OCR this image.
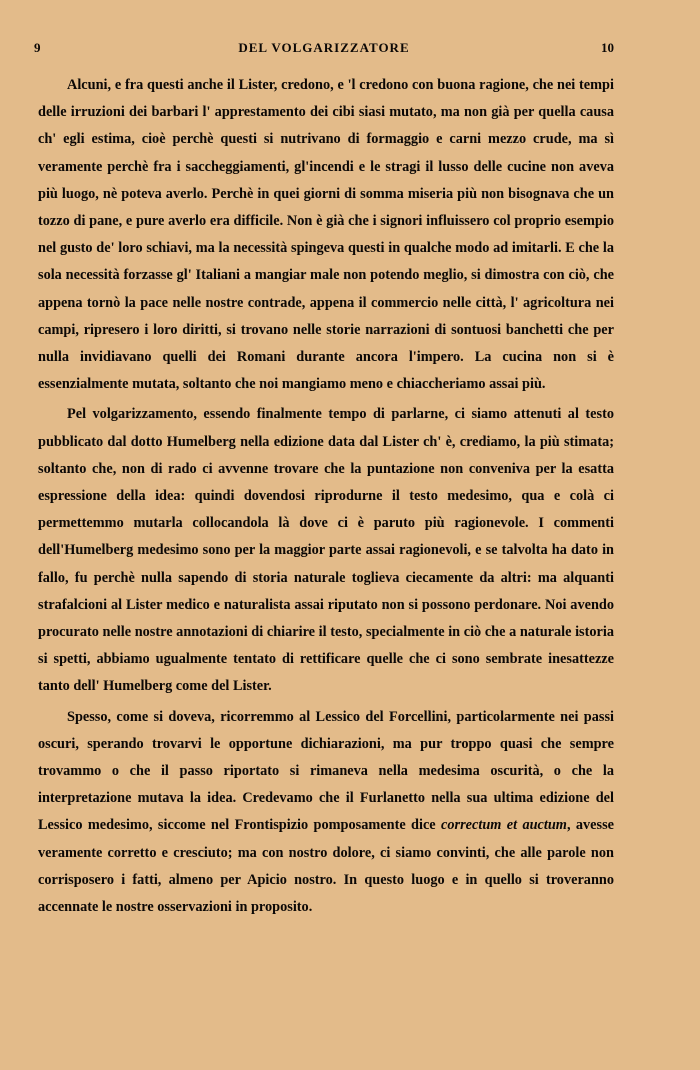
9	DEL VOLGARIZZATORE	10

Alcuni, e fra questi anche il Lister, credono, e 'l credono con buona ragione, che nei tempi delle irruzioni dei barbari l' apprestamento dei cibi siasi mutato, ma non già per quella causa ch' egli estima, cioè perchè questi si nutrivano di formaggio e carni mezzo crude, ma sì veramente perchè fra i saccheggiamenti, gl'incendi e le stragi il lusso delle cucine non aveva più luogo, nè poteva averlo. Perchè in quei giorni di somma miseria più non bisognava che un tozzo di pane, e pure averlo era difficile. Non è già che i signori influissero col proprio esempio nel gusto de' loro schiavi, ma la necessità spingeva questi in qualche modo ad imitarli. E che la sola necessità forzasse gl' Italiani a mangiar male non potendo meglio, si dimostra con ciò, che appena tornò la pace nelle nostre contrade, appena il commercio nelle città, l' agricoltura nei campi, ripresero i loro diritti, si trovano nelle storie narrazioni di sontuosi banchetti che per nulla invidiavano quelli dei Romani durante ancora l'impero. La cucina non si è essenzialmente mutata, soltanto che noi mangiamo meno e chiaccheriamo assai più.

Pel volgarizzamento, essendo finalmente tempo di parlarne, ci siamo attenuti al testo pubblicato dal dotto Humelberg nella edizione data dal Lister ch' è, crediamo, la più stimata; soltanto che, non di rado ci avvenne trovare che la puntazione non conveniva per la esatta espressione della idea: quindi dovendosi riprodurne il testo medesimo, qua e colà ci permettemmo mutarla collocandola là dove ci è paruto più ragionevole. I commenti dell'Humelberg medesimo sono per la maggior parte assai ragionevoli, e se talvolta ha dato in fallo, fu perchè nulla sapendo di storia naturale toglieva ciecamente da altri: ma alquanti strafalcioni al Lister medico e naturalista assai riputato non si possono perdonare. Noi avendo procurato nelle nostre annotazioni di chiarire il testo, specialmente in ciò che a naturale istoria si spetti, abbiamo ugualmente tentato di rettificare quelle che ci sono sembrate inesattezze tanto dell' Humelberg come del Lister.

Spesso, come si doveva, ricorremmo al Lessico del Forcellini, particolarmente nei passi oscuri, sperando trovarvi le opportune dichiarazioni, ma pur troppo quasi che sempre trovammo o che il passo riportato si rimaneva nella medesima oscurità, o che la interpretazione mutava la idea. Credevamo che il Furlanetto nella sua ultima edizione del Lessico medesimo, siccome nel Frontispizio pomposamente dice correctum et auctum, avesse veramente corretto e cresciuto; ma con nostro dolore, ci siamo convinti, che alle parole non corrisposero i fatti, almeno per Apicio nostro. In questo luogo e in quello si troveranno accennate le nostre osservazioni in proposito.
